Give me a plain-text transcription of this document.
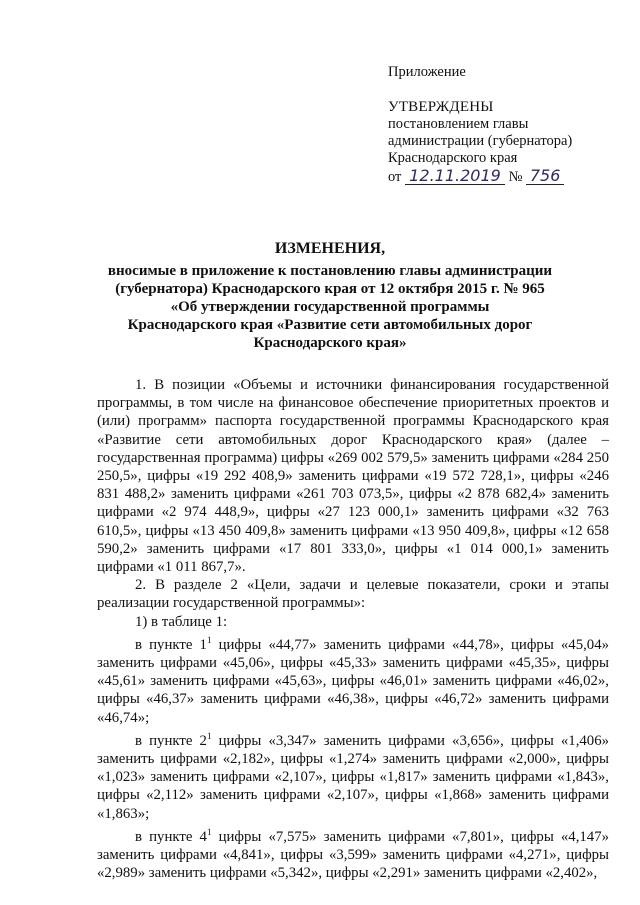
Приложение
УТВЕРЖДЕНЫ
постановлением главы
администрации (губернатора)
Краснодарского края
от 12.11.2019 № 756
ИЗМЕНЕНИЯ,
вносимые в приложение к постановлению главы администрации
(губернатора) Краснодарского края от 12 октября 2015 г. № 965
«Об утверждении государственной программы
Краснодарского края «Развитие сети автомобильных дорог
Краснодарского края»

1. В позиции «Объемы и источники финансирования государственной программы, в том числе на финансовое обеспечение приоритетных проектов и (или) программ» паспорта государственной программы Краснодарского края «Развитие сети автомобильных дорог Краснодарского края» (далее – государственная программа) цифры «269 002 579,5» заменить цифрами «284 250 250,5», цифры «19 292 408,9» заменить цифрами «19 572 728,1», цифры «246 831 488,2» заменить цифрами «261 703 073,5», цифры «2 878 682,4» заменить цифрами «2 974 448,9», цифры «27 123 000,1» заменить цифрами «32 763 610,5», цифры «13 450 409,8» заменить цифрами «13 950 409,8», цифры «12 658 590,2» заменить цифрами «17 801 333,0», цифры «1 014 000,1» заменить цифрами «1 011 867,7».

2. В разделе 2 «Цели, задачи и целевые показатели, сроки и этапы реализации государственной программы»:

1) в таблице 1:

в пункте $1^1$ цифры «44,77» заменить цифрами «44,78», цифры «45,04» заменить цифрами «45,06», цифры «45,33» заменить цифрами «45,35», цифры «45,61» заменить цифрами «45,63», цифры «46,01» заменить цифрами «46,02», цифры «46,37» заменить цифрами «46,38», цифры «46,72» заменить цифрами «46,74»;

в пункте $2^1$ цифры «3,347» заменить цифрами «3,656», цифры «1,406» заменить цифрами «2,182», цифры «1,274» заменить цифрами «2,000», цифры «1,023» заменить цифрами «2,107», цифры «1,817» заменить цифрами «1,843», цифры «2,112» заменить цифрами «2,107», цифры «1,868» заменить цифрами «1,863»;

в пункте $4^1$ цифры «7,575» заменить цифрами «7,801», цифры «4,147» заменить цифрами «4,841», цифры «3,599» заменить цифрами «4,271», цифры «2,989» заменить цифрами «5,342», цифры «2,291» заменить цифрами «2,402»,
